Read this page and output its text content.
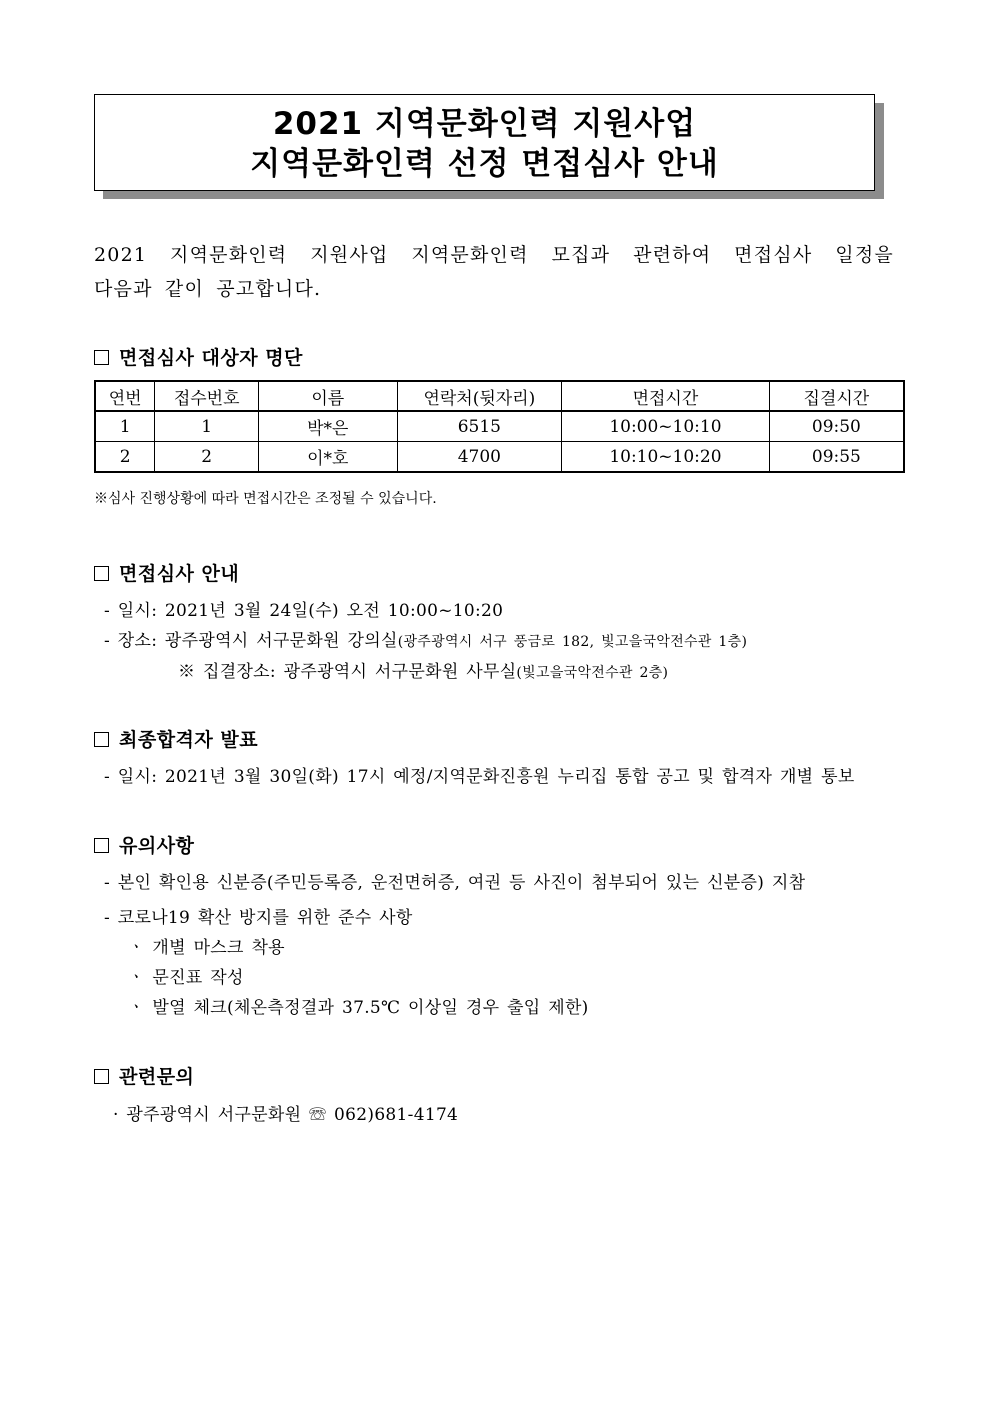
2021 지역문화인력 지원사업
지역문화인력 선정 면접심사 안내
2021 지역문화인력 지원사업 지역문화인력 모집과 관련하여 면접심사 일정을
다음과 같이 공고합니다.
면접심사 대상자 명단
연번	접수번호	이름	연락처(뒷자리)	면접시간	집결시간
1	1	박*은	6515	10:00~10:10	09:50
2	2	이*호	4700	10:10~10:20	09:55
※심사 진행상황에 따라 면접시간은 조정될 수 있습니다.
면접심사 안내
- 일시: 2021년 3월 24일(수) 오전 10:00~10:20
- 장소: 광주광역시 서구문화원 강의실(광주광역시 서구 풍금로 182, 빛고을국악전수관 1층)
※ 집결장소: 광주광역시 서구문화원 사무실(빛고을국악전수관 2층)
최종합격자 발표
- 일시: 2021년 3월 30일(화) 17시 예정/지역문화진흥원 누리집 통합 공고 및 합격자 개별 통보
유의사항
- 본인 확인용 신분증(주민등록증, 운전면허증, 여권 등 사진이 첨부되어 있는 신분증) 지참
- 코로나19 확산 방지를 위한 준수 사항
ㆍ 개별 마스크 착용
ㆍ 문진표 작성
ㆍ 발열 체크(체온측정결과 37.5℃ 이상일 경우 출입 제한)
관련문의
· 광주광역시 서구문화원 ☏ 062)681-4174
